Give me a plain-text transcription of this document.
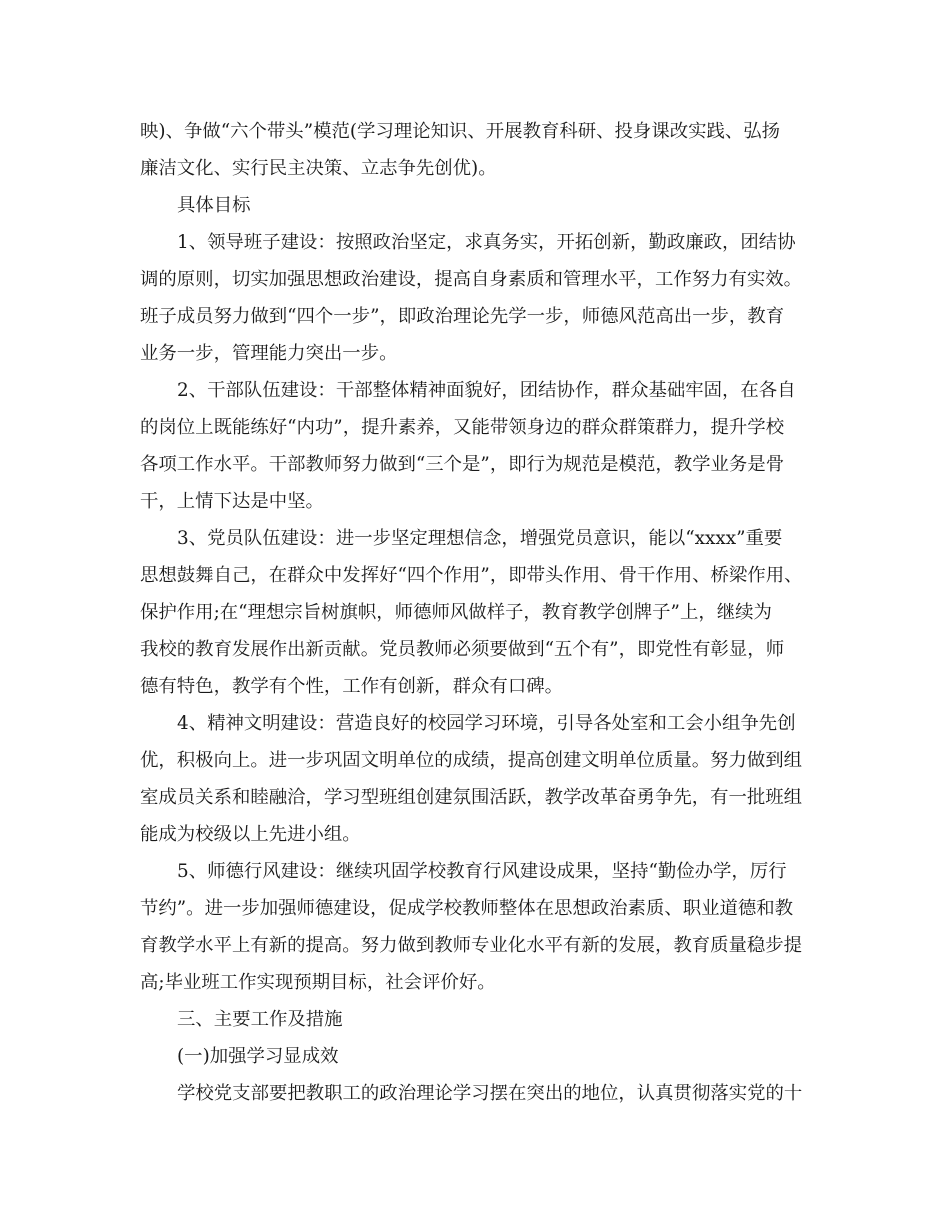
映)、争做“六个带头”模范(学习理论知识、开展教育科研、投身课改实践、弘扬
廉洁文化、实行民主决策、立志争先创优)。
具体目标
1、领导班子建设：按照政治坚定，求真务实，开拓创新，勤政廉政，团结协
调的原则，切实加强思想政治建设，提高自身素质和管理水平，工作努力有实效。
班子成员努力做到“四个一步”，即政治理论先学一步，师德风范高出一步，教育
业务一步，管理能力突出一步。
2、干部队伍建设：干部整体精神面貌好，团结协作，群众基础牢固，在各自
的岗位上既能练好“内功”，提升素养，又能带领身边的群众群策群力，提升学校
各项工作水平。干部教师努力做到“三个是”，即行为规范是模范，教学业务是骨
干，上情下达是中坚。
3、党员队伍建设：进一步坚定理想信念，增强党员意识，能以“xxxx”重要
思想鼓舞自己，在群众中发挥好“四个作用”，即带头作用、骨干作用、桥梁作用、
保护作用;在“理想宗旨树旗帜，师德师风做样子，教育教学创牌子”上，继续为
我校的教育发展作出新贡献。党员教师必须要做到“五个有”，即党性有彰显，师
德有特色，教学有个性，工作有创新，群众有口碑。
4、精神文明建设：营造良好的校园学习环境，引导各处室和工会小组争先创
优，积极向上。进一步巩固文明单位的成绩，提高创建文明单位质量。努力做到组
室成员关系和睦融洽，学习型班组创建氛围活跃，教学改革奋勇争先，有一批班组
能成为校级以上先进小组。
5、师德行风建设：继续巩固学校教育行风建设成果，坚持“勤俭办学，厉行
节约”。进一步加强师德建设，促成学校教师整体在思想政治素质、职业道德和教
育教学水平上有新的提高。努力做到教师专业化水平有新的发展，教育质量稳步提
高;毕业班工作实现预期目标，社会评价好。
三、主要工作及措施
(一)加强学习显成效
学校党支部要把教职工的政治理论学习摆在突出的地位，认真贯彻落实党的十
